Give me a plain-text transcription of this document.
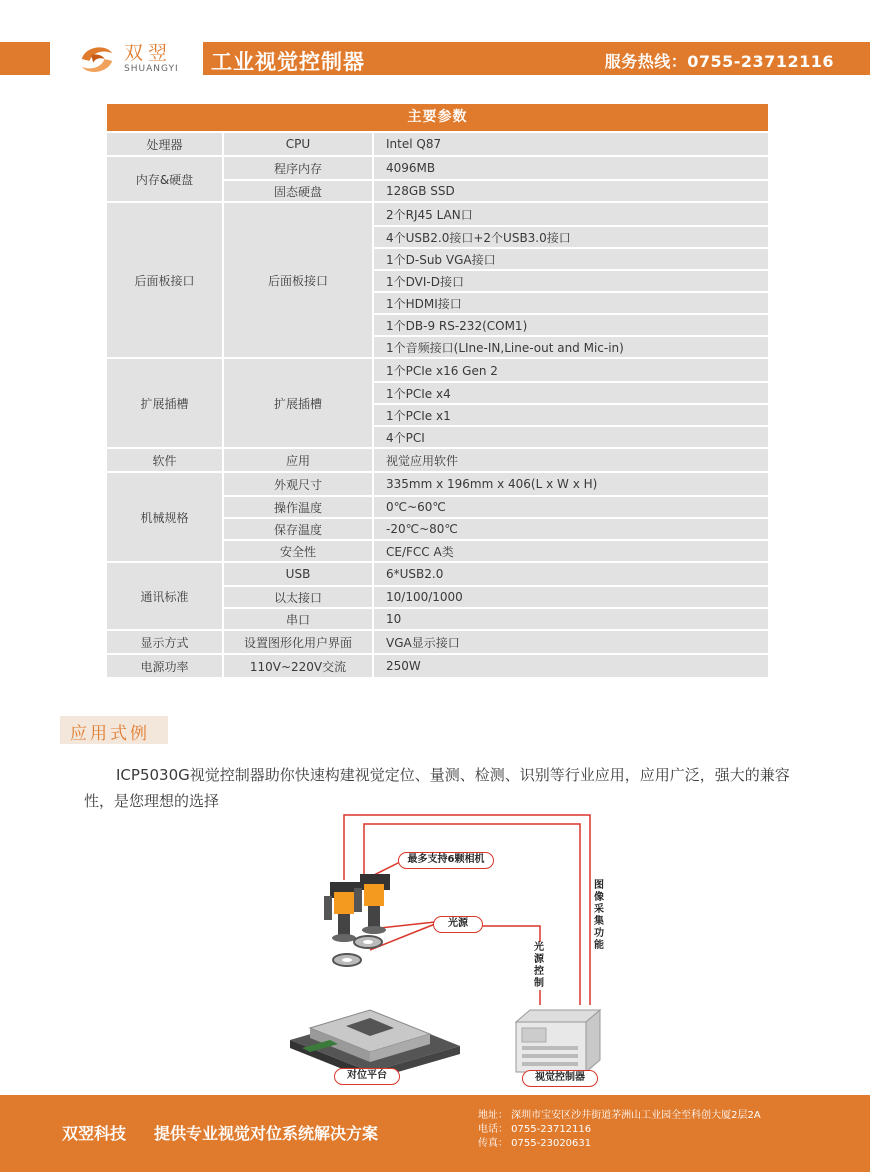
双翌
SHUANGYI 工业视觉控制器	服务热线：0755-23712116
主要参数
处理器	CPU	Intel Q87
内存&硬盘
程序内存	4096MB
固态硬盘	128GB SSD
后面板接口	后面板接口
2个RJ45 LAN口
4个USB2.0接口+2个USB3.0接口
1个D-Sub VGA接口
1个DVI-D接口
1个HDMI接口
1个DB-9 RS-232(COM1)
1个音频接口(LIne-IN,Line-out and Mic-in)
扩展插槽	扩展插槽
1个PCIe x16 Gen 2
1个PCIe x4
1个PCIe x1
4个PCI
软件	应用	视觉应用软件
机械规格
外观尺寸	335mm x 196mm x 406(L x W x H)
操作温度	0℃~60℃
保存温度	-20℃~80℃
安全性	CE/FCC A类
通讯标准
USB	6*USB2.0
以太接口	10/100/1000
串口	10
显示方式	设置图形化用户界面	VGA显示接口
电源功率	110V~220V交流	250W
应用式例
ICP5030G视觉控制器助你快速构建视觉定位、量测、检测、识别等行业应用，应用广泛，强大的兼容性，是您理想的选择
最多支持6颗相机
光源
光源控制
图像采集功能
对位平台	视觉控制器
双翌科技 提供专业视觉对位系统解决方案
地址： 深圳市宝安区沙井街道茅洲山工业园全至科创大厦2层2A
电话： 0755-23712116
传真： 0755-23020631
